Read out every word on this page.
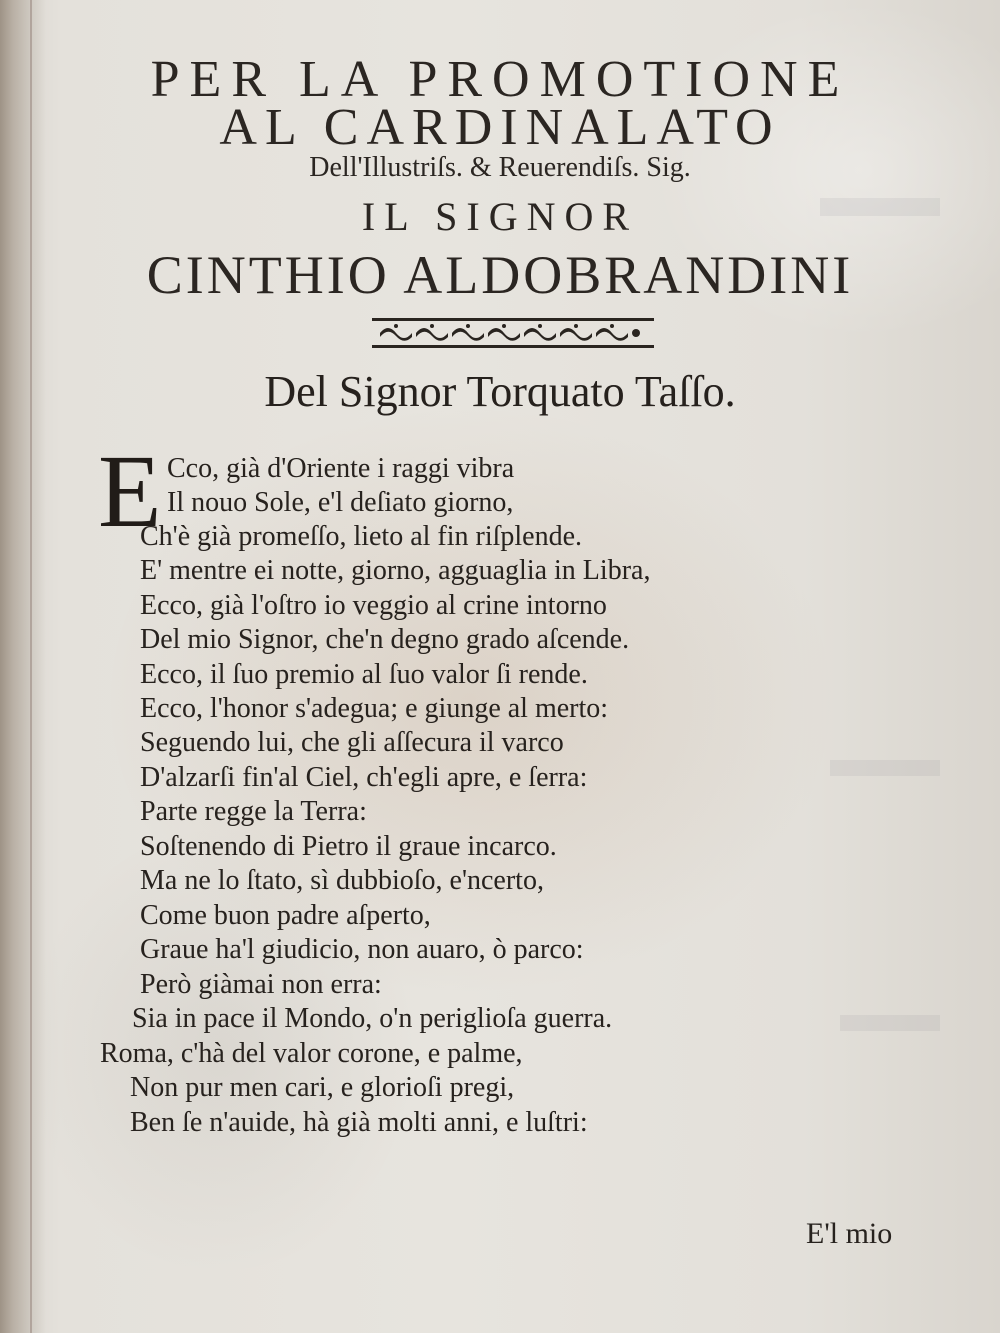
PER LA PROMOTIONE
AL CARDINALATO
Dell'Illustriſs. & Reuerendiſs. Sig.
IL SIGNOR
CINTHIO ALDOBRANDINI
Del Signor Torquato Taſſo.
E Cco, già d'Oriente i raggi vibra
Il nouo Sole, e'l deſiato giorno,
Ch'è già promeſſo, lieto al fin riſplende.
E' mentre ei notte, giorno, agguaglia in Libra,
Ecco, già l'oſtro io veggio al crine intorno
Del mio Signor, che'n degno grado aſcende.
Ecco, il ſuo premio al ſuo valor ſi rende.
Ecco, l'honor s'adegua; e giunge al merto:
Seguendo lui, che gli aſſecura il varco
D'alzarſi fin'al Ciel, ch'egli apre, e ſerra:
Parte regge la Terra:
Soſtenendo di Pietro il graue incarco.
Ma ne lo ſtato, sì dubbioſo, e'ncerto,
Come buon padre aſperto,
Graue ha'l giudicio, non auaro, ò parco:
Però giàmai non erra:
Sia in pace il Mondo, o'n periglioſa guerra.
Roma, c'hà del valor corone, e palme,
Non pur men cari, e glorioſi pregi,
Ben ſe n'auide, hà già molti anni, e luſtri:
E'l mio
